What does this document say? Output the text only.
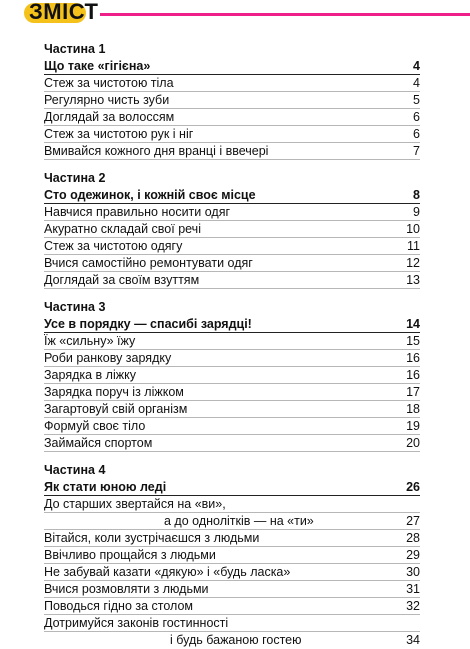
ЗМІСТ
Частина 1
Що таке «гігієна»	4
Стеж за чистотою тіла	4
Регулярно чисть зуби	5
Доглядай за волоссям	6
Стеж за чистотою рук і ніг	6
Вмивайся кожного дня вранці і ввечері	7
Частина 2
Сто одежинок, і кожній своє місце	8
Навчися правильно носити одяг	9
Акуратно складай свої речі	10
Стеж за чистотою одягу	11
Вчися самостійно ремонтувати одяг	12
Доглядай за своїм взуттям	13
Частина 3
Усе в порядку — спасибі зарядці!	14
Їж «сильну» їжу	15
Роби ранкову зарядку	16
Зарядка в ліжку	16
Зарядка поруч із ліжком	17
Загартовуй свій організм	18
Формуй своє тіло	19
Займайся спортом	20
Частина 4
Як стати юною леді	26
До старших звертайся на «ви»,
а до однолітків — на «ти»	27
Вітайся, коли зустрічаєшся з людьми	28
Ввічливо прощайся з людьми	29
Не забувай казати «дякую» і «будь ласка»	30
Вчися розмовляти з людьми	31
Поводься гідно за столом	32
Дотримуйся законів гостинності
і будь бажаною гостею	34
